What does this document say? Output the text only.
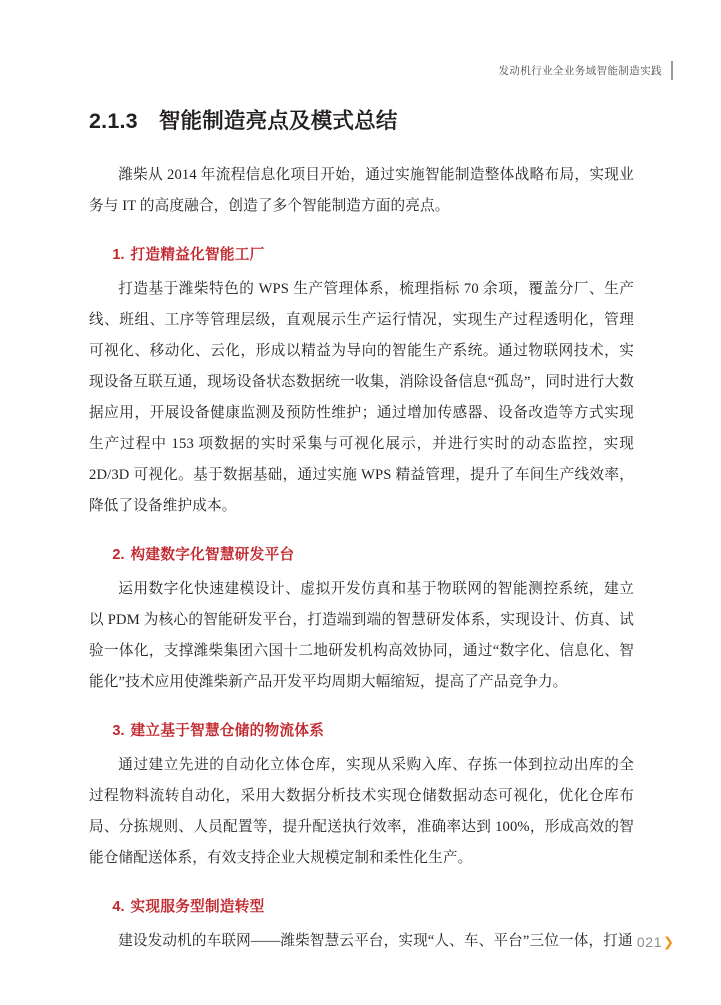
发动机行业全业务域智能制造实践
2.1.3 智能制造亮点及模式总结

潍柴从 2014 年流程信息化项目开始，通过实施智能制造整体战略布局，实现业务与 IT 的高度融合，创造了多个智能制造方面的亮点。

1. 打造精益化智能工厂

打造基于潍柴特色的 WPS 生产管理体系，梳理指标 70 余项，覆盖分厂、生产线、班组、工序等管理层级，直观展示生产运行情况，实现生产过程透明化，管理可视化、移动化、云化，形成以精益为导向的智能生产系统。通过物联网技术，实现设备互联互通，现场设备状态数据统一收集，消除设备信息“孤岛”，同时进行大数据应用，开展设备健康监测及预防性维护；通过增加传感器、设备改造等方式实现生产过程中 153 项数据的实时采集与可视化展示，并进行实时的动态监控，实现 2D/3D 可视化。基于数据基础，通过实施 WPS 精益管理，提升了车间生产线效率，降低了设备维护成本。

2. 构建数字化智慧研发平台

运用数字化快速建模设计、虚拟开发仿真和基于物联网的智能测控系统，建立以 PDM 为核心的智能研发平台，打造端到端的智慧研发体系，实现设计、仿真、试验一体化，支撑潍柴集团六国十二地研发机构高效协同，通过“数字化、信息化、智能化”技术应用使潍柴新产品开发平均周期大幅缩短，提高了产品竞争力。

3. 建立基于智慧仓储的物流体系

通过建立先进的自动化立体仓库，实现从采购入库、存拣一体到拉动出库的全过程物料流转自动化，采用大数据分析技术实现仓储数据动态可视化，优化仓库布局、分拣规则、人员配置等，提升配送执行效率，准确率达到 100%，形成高效的智能仓储配送体系，有效支持企业大规模定制和柔性化生产。

4. 实现服务型制造转型

建设发动机的车联网——潍柴智慧云平台，实现“人、车、平台”三位一体，打通 021 ❯
